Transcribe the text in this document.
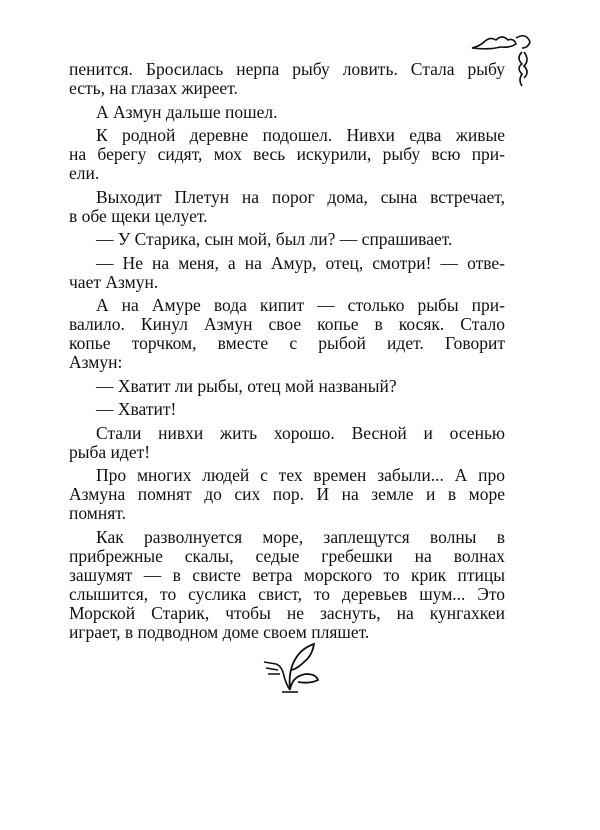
пенится. Бросилась нерпа рыбу ловить. Стала рыбу
есть, на глазах жиреет.
А Азмун дальше пошел.
К родной деревне подошел. Нивхи едва живые
на берегу сидят, мох весь искурили, рыбу всю при-
ели.
Выходит Плетун на порог дома, сына встречает,
в обе щеки целует.
— У Старика, сын мой, был ли? — спрашивает.
— Не на меня, а на Амур, отец, смотри! — отве-
чает Азмун.
А на Амуре вода кипит — столько рыбы при-
валило. Кинул Азмун свое копье в косяк. Стало
копье торчком, вместе с рыбой идет. Говорит
Азмун:
— Хватит ли рыбы, отец мой названый?
— Хватит!
Стали нивхи жить хорошо. Весной и осенью
рыба идет!
Про многих людей с тех времен забыли... А про
Азмуна помнят до сих пор. И на земле и в море
помнят.
Как разволнуется море, заплещутся волны в
прибрежные скалы, седые гребешки на волнах
зашумят — в свисте ветра морского то крик птицы
слышится, то суслика свист, то деревьев шум... Это
Морской Старик, чтобы не заснуть, на кунгахкеи
играет, в подводном доме своем пляшет.
